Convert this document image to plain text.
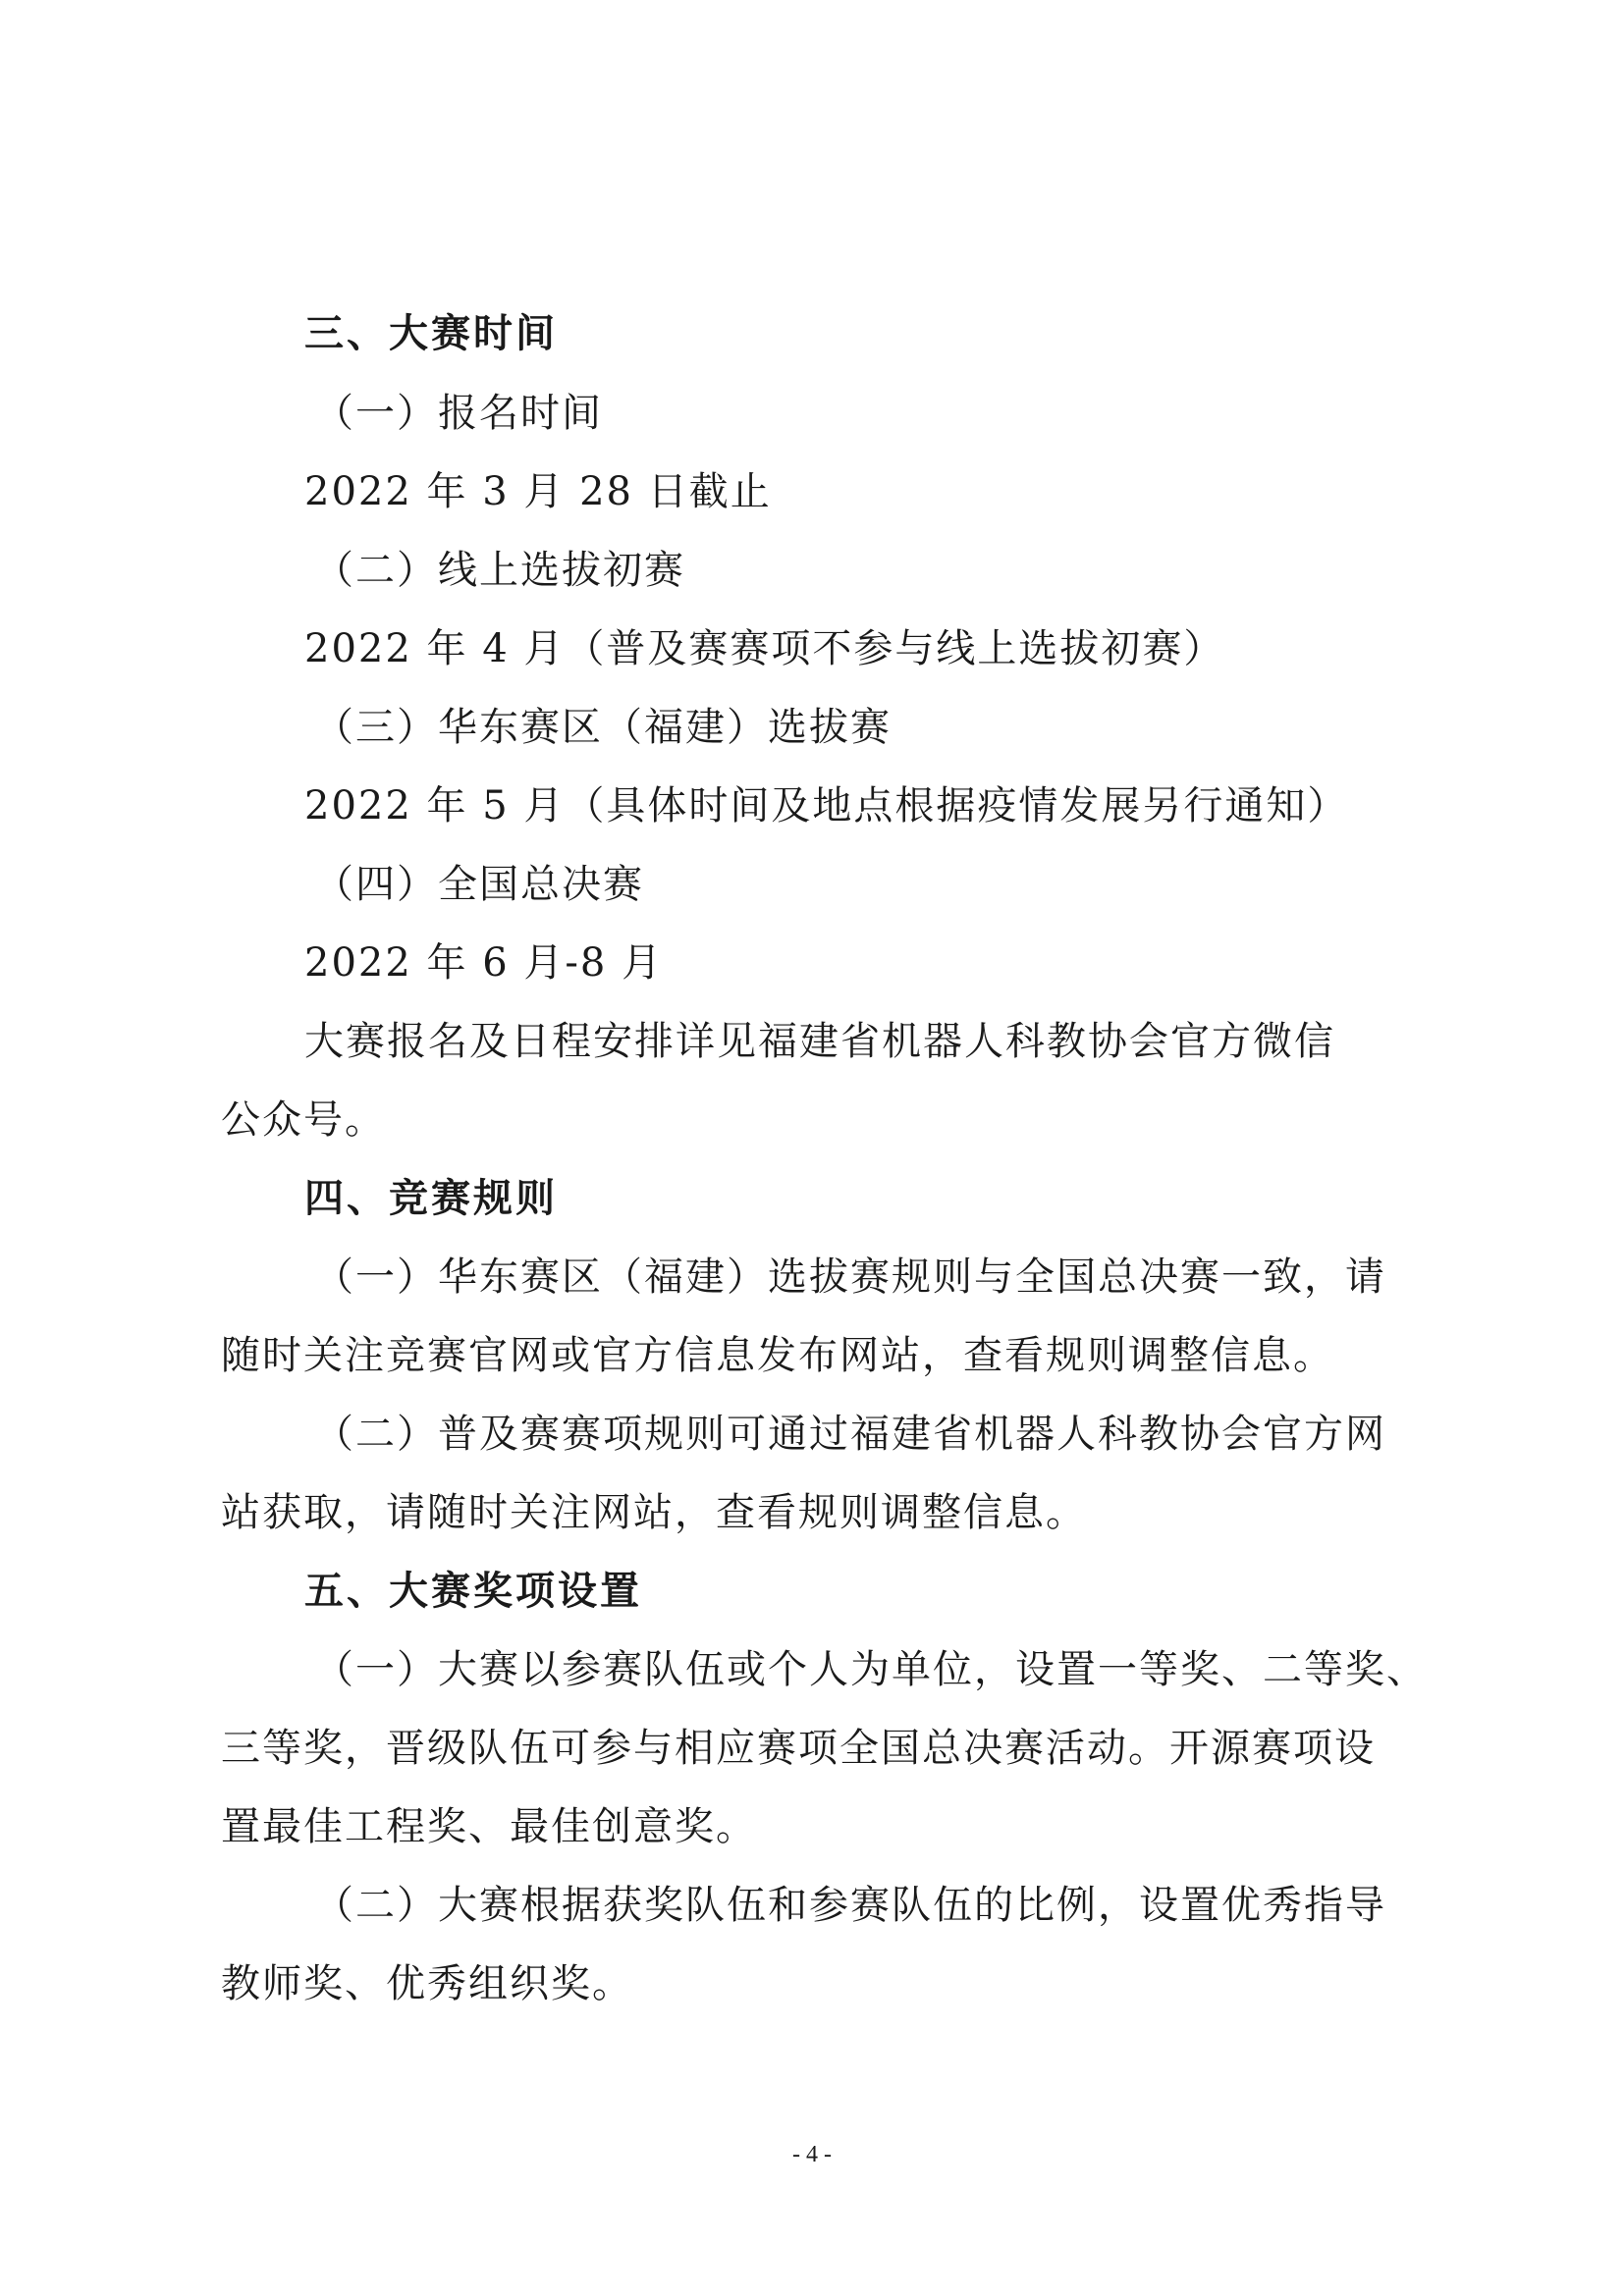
三、大赛时间
（一）报名时间
2022 年 3 月 28 日截止
（二）线上选拔初赛
2022 年 4 月（普及赛赛项不参与线上选拔初赛）
（三）华东赛区（福建）选拔赛
2022 年 5 月（具体时间及地点根据疫情发展另行通知）
（四）全国总决赛
2022 年 6 月-8 月
大赛报名及日程安排详见福建省机器人科教协会官方微信
公众号。
四、竞赛规则
（一）华东赛区（福建）选拔赛规则与全国总决赛一致，请
随时关注竞赛官网或官方信息发布网站，查看规则调整信息。
（二）普及赛赛项规则可通过福建省机器人科教协会官方网
站获取，请随时关注网站，查看规则调整信息。
五、大赛奖项设置
（一）大赛以参赛队伍或个人为单位，设置一等奖、二等奖、
三等奖，晋级队伍可参与相应赛项全国总决赛活动。开源赛项设
置最佳工程奖、最佳创意奖。
（二）大赛根据获奖队伍和参赛队伍的比例，设置优秀指导
教师奖、优秀组织奖。
- 4 -
